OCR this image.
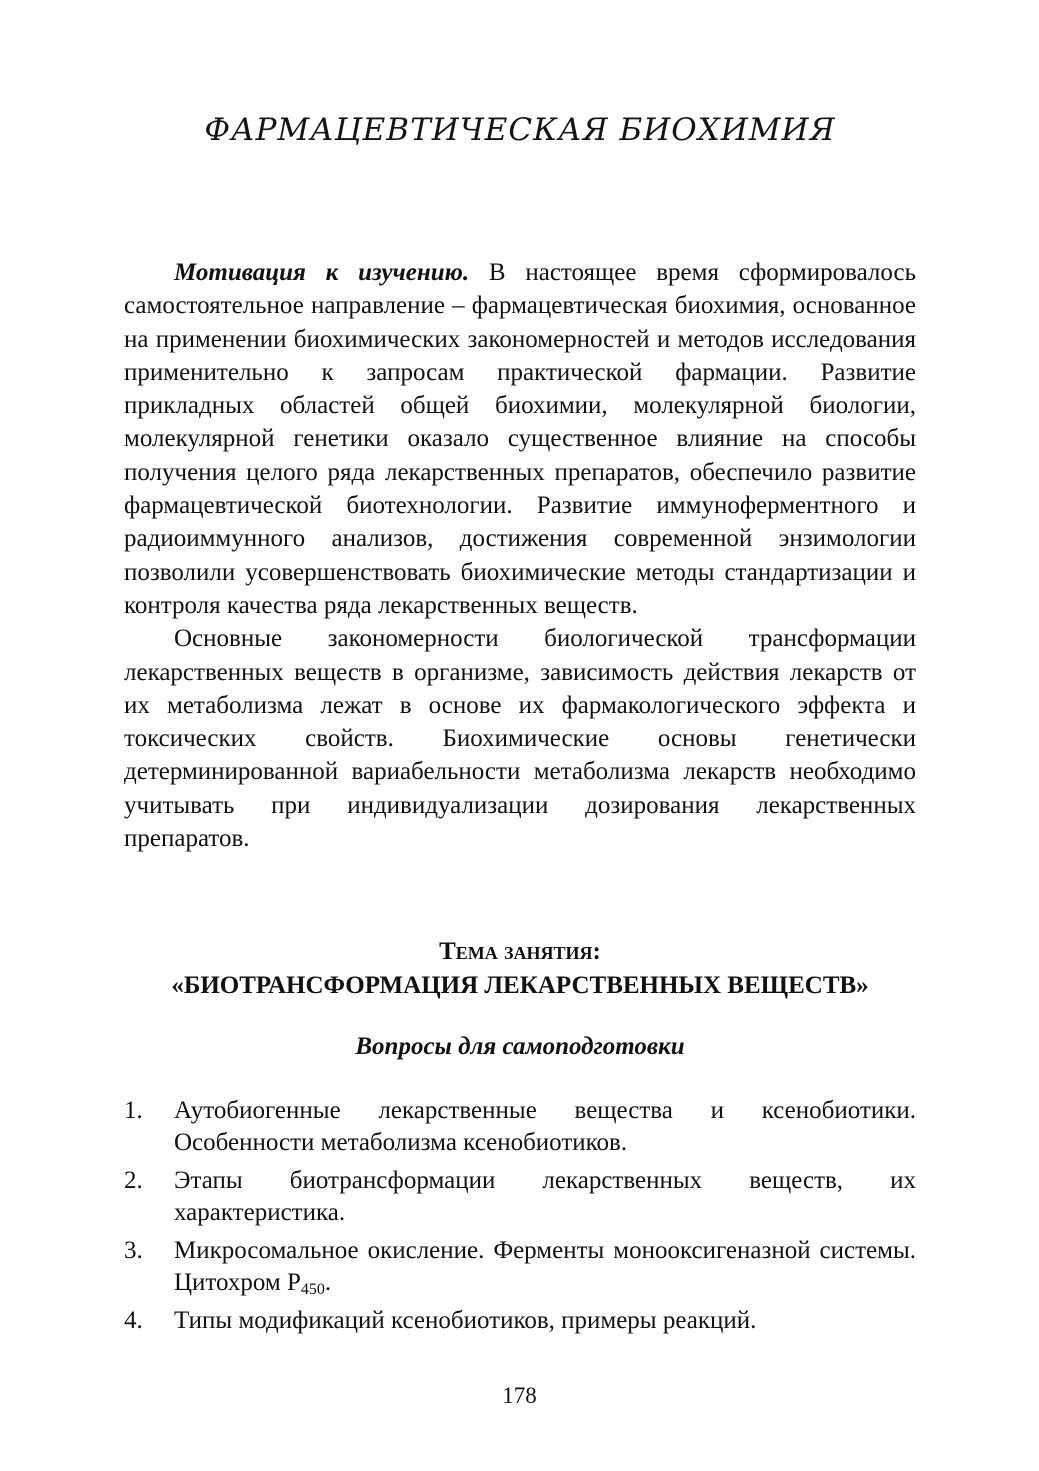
ФАРМАЦЕВТИЧЕСКАЯ БИОХИМИЯ

Мотивация к изучению. В настоящее время сформировалось самостоятельное направление – фармацевтическая биохимия, основанное на применении биохимических закономерностей и методов исследования применительно к запросам практической фармации. Развитие прикладных областей общей биохимии, молекулярной биологии, молекулярной генетики оказало существенное влияние на способы получения целого ряда лекарственных препаратов, обеспечило развитие фармацевтической биотехнологии. Развитие иммуноферментного и радиоиммунного анализов, достижения современной энзимологии позволили усовершенствовать биохимические методы стандартизации и контроля качества ряда лекарственных веществ.

Основные закономерности биологической трансформации лекарственных веществ в организме, зависимость действия лекарств от их метаболизма лежат в основе их фармакологического эффекта и токсических свойств. Биохимические основы генетически детерминированной вариабельности метаболизма лекарств необходимо учитывать при индивидуализации дозирования лекарственных препаратов.

Тема занятия:
«БИОТРАНСФОРМАЦИЯ ЛЕКАРСТВЕННЫХ ВЕЩЕСТВ»
Вопросы для самоподготовки
1. Аутобиогенные лекарственные вещества и ксенобиотики. Особенности метаболизма ксенобиотиков.
2. Этапы биотрансформации лекарственных веществ, их характеристика.
3. Микросомальное окисление. Ферменты монооксигеназной системы. Цитохром $Р_{450}$.
4. Типы модификаций ксенобиотиков, примеры реакций.
178
